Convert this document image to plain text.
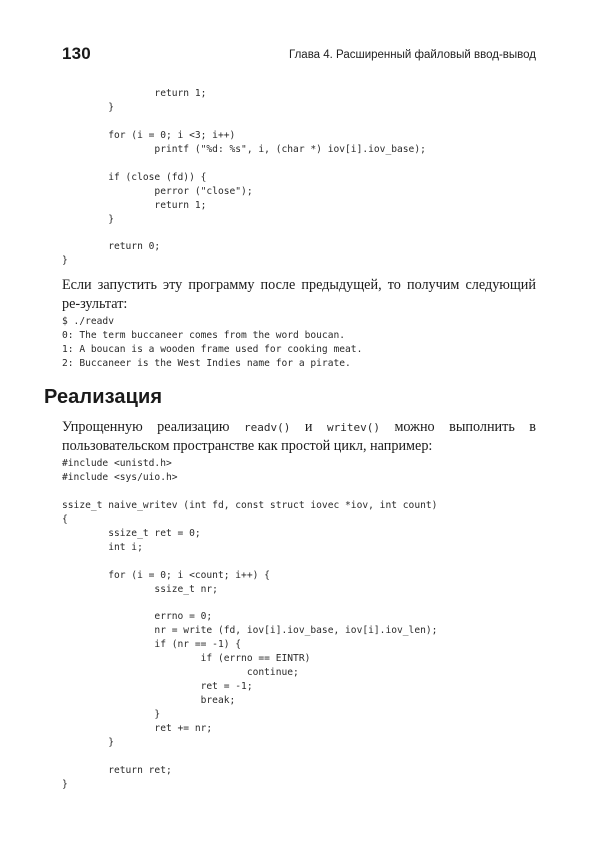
130	Глава 4. Расширенный файловый ввод-вывод
return 1;
}

for (i = 0; i <3; i++)
printf ("%d: %s", i, (char *) iov[i].iov_base);

if (close (fd)) {
perror ("close");
return 1;
}

return 0;
}

Если запустить эту программу после предыдущей, то получим следующий ре-зультат:

$ ./readv
0: The term buccaneer comes from the word boucan.
1: A boucan is a wooden frame used for cooking meat.
2: Buccaneer is the West Indies name for a pirate.
Реализация

Упрощенную реализацию readv() и writev() можно выполнить в пользовательском пространстве как простой цикл, например:

#include <unistd.h>
#include <sys/uio.h>

ssize_t naive_writev (int fd, const struct iovec *iov, int count)
{
ssize_t ret = 0;
int i;

for (i = 0; i <count; i++) {
ssize_t nr;

errno = 0;
nr = write (fd, iov[i].iov_base, iov[i].iov_len);
if (nr == -1) {
if (errno == EINTR)
continue;
ret = -1;
break;
}
ret += nr;
}

return ret;
}
